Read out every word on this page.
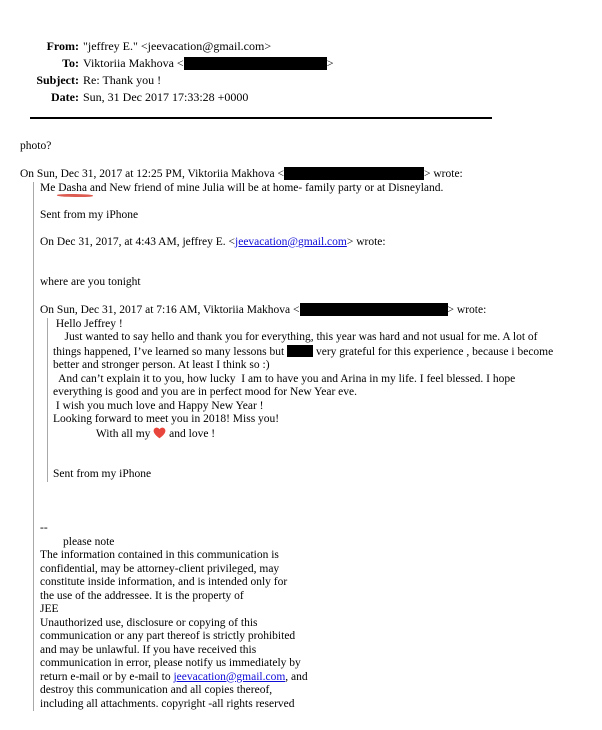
From: "jeffrey E." <jeevacation@gmail.com>
To: Viktoriia Makhova <	>
Subject: Re: Thank you !
Date: Sun, 31 Dec 2017 17:33:28 +0000
photo?
On Sun, Dec 31, 2017 at 12:25 PM, Viktoriia Makhova <	> wrote:
Me Dasha and New friend of mine Julia will be at home- family party or at Disneyland.
Sent from my iPhone
On Dec 31, 2017, at 4:43 AM, jeffrey E. <jeevacation@gmail.com> wrote:
where are you tonight
On Sun, Dec 31, 2017 at 7:16 AM, Viktoriia Makhova <	> wrote:
Hello Jeffrey !
Just wanted to say hello and thank you for everything, this year was hard and not usual for me. A lot of
things happened, I’ve learned so many lessons but  very grateful for this experience , because i become
better and stronger person. At least I think so :)
And can’t explain it to you, how lucky  I am to have you and Arina in my life. I feel blessed. I hope
everything is good and you are in perfect mood for New Year eve.
I wish you much love and Happy New Year !
Looking forward to meet you in 2018! Miss you!
With all my  and love !
Sent from my iPhone
--
please note
The information contained in this communication is
confidential, may be attorney-client privileged, may
constitute inside information, and is intended only for
the use of the addressee. It is the property of
JEE
Unauthorized use, disclosure or copying of this
communication or any part thereof is strictly prohibited
and may be unlawful. If you have received this
communication in error, please notify us immediately by
return e-mail or by e-mail to jeevacation@gmail.com, and
destroy this communication and all copies thereof,
including all attachments. copyright -all rights reserved
